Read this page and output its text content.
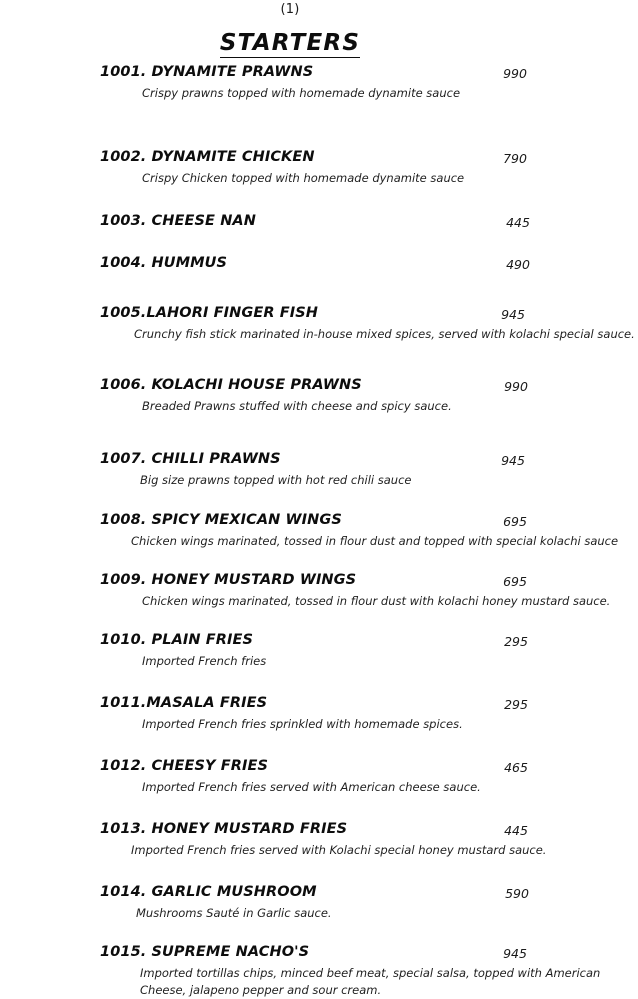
(1)
STARTERS
1001. DYNAMITE PRAWNS	990
Crispy prawns topped with homemade dynamite sauce
1002. DYNAMITE CHICKEN	790
Crispy Chicken topped with homemade dynamite sauce
1003. CHEESE NAN	445
1004. HUMMUS	490
1005.LAHORI FINGER FISH	945
Crunchy fish stick marinated in-house mixed spices, served with kolachi special sauce.
1006. KOLACHI HOUSE PRAWNS	990
Breaded Prawns stuffed with cheese and spicy sauce.
1007. CHILLI PRAWNS	945
Big size prawns topped with hot red chili sauce
1008. SPICY MEXICAN WINGS	695
Chicken wings marinated, tossed in flour dust and topped with special kolachi sauce
1009. HONEY MUSTARD WINGS	695
Chicken wings marinated, tossed in flour dust with kolachi honey mustard sauce.
1010. PLAIN FRIES	295
Imported French fries
1011.MASALA FRIES	295
Imported French fries sprinkled with homemade spices.
1012. CHEESY FRIES	465
Imported French fries served with American cheese sauce.
1013. HONEY MUSTARD FRIES	445
Imported French fries served with Kolachi special honey mustard sauce.
1014. GARLIC MUSHROOM	590
Mushrooms Sauté in Garlic sauce.
1015. SUPREME NACHO'S	945
Imported tortillas chips, minced beef meat, special salsa, topped with American
Cheese, jalapeno pepper and sour cream.
